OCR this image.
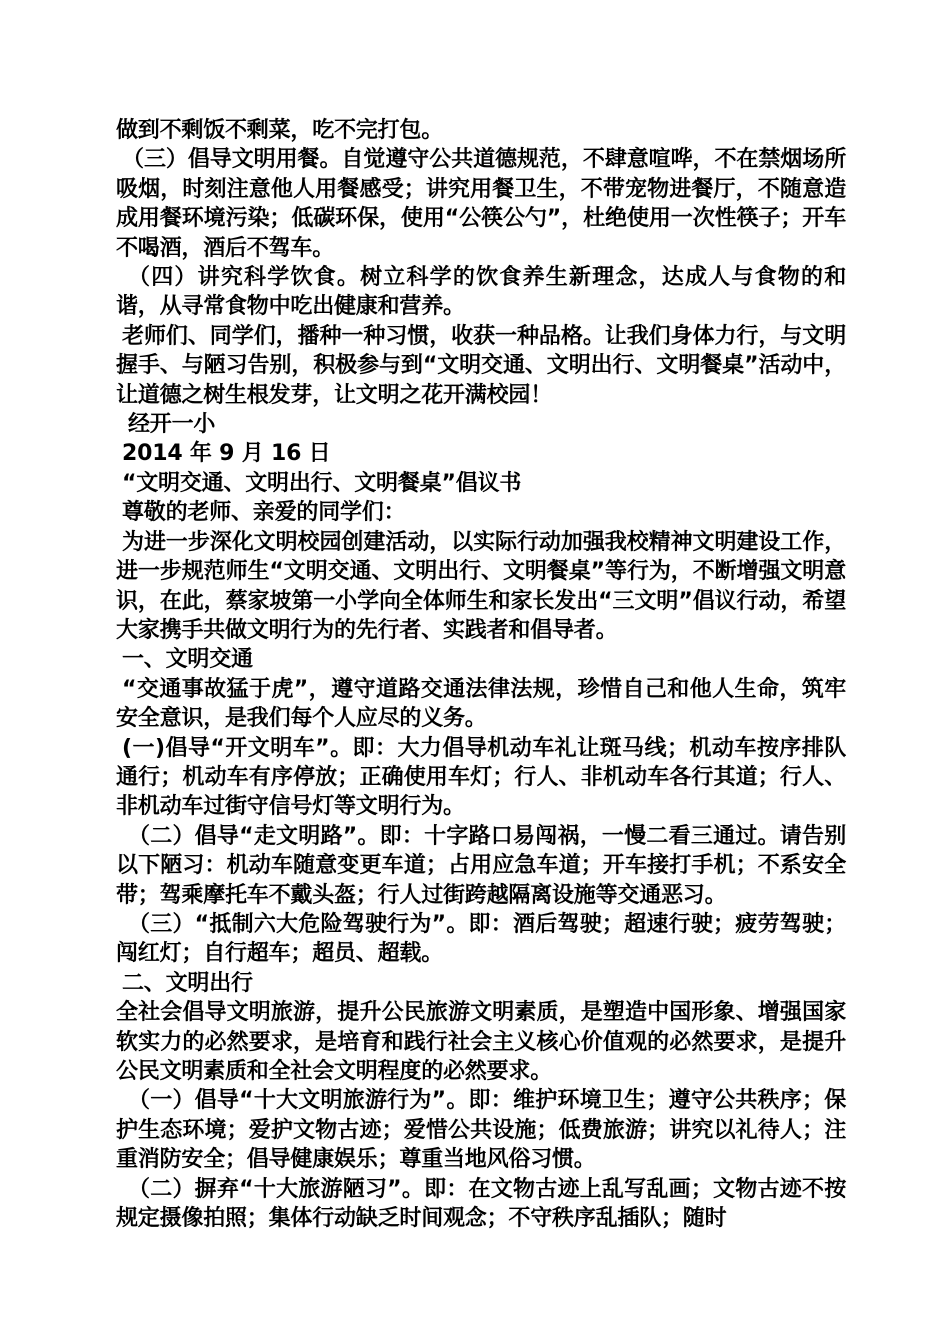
做到不剩饭不剩菜，吃不完打包。

（三）倡导文明用餐。自觉遵守公共道德规范，不肆意喧哗，不在禁烟场所吸烟，时刻注意他人用餐感受；讲究用餐卫生，不带宠物进餐厅，不随意造成用餐环境污染；低碳环保，使用“公筷公勺”，杜绝使用一次性筷子；开车不喝酒，酒后不驾车。

（四）讲究科学饮食。树立科学的饮食养生新理念，达成人与食物的和谐，从寻常食物中吃出健康和营养。

老师们、同学们，播种一种习惯，收获一种品格。让我们身体力行，与文明握手、与陋习告别，积极参与到“文明交通、文明出行、文明餐桌”活动中，让道德之树生根发芽，让文明之花开满校园！

经开一小

2014 年 9 月 16 日

“文明交通、文明出行、文明餐桌”倡议书

尊敬的老师、亲爱的同学们：

为进一步深化文明校园创建活动，以实际行动加强我校精神文明建设工作，进一步规范师生“文明交通、文明出行、文明餐桌”等行为，不断增强文明意识，在此，蔡家坡第一小学向全体师生和家长发出“三文明”倡议行动，希望大家携手共做文明行为的先行者、实践者和倡导者。

一、文明交通

“交通事故猛于虎”，遵守道路交通法律法规，珍惜自己和他人生命，筑牢安全意识，是我们每个人应尽的义务。

(一)倡导“开文明车”。即：大力倡导机动车礼让斑马线；机动车按序排队通行；机动车有序停放；正确使用车灯；行人、非机动车各行其道；行人、非机动车过街守信号灯等文明行为。

（二）倡导“走文明路”。即：十字路口易闯祸，一慢二看三通过。请告别以下陋习：机动车随意变更车道；占用应急车道；开车接打手机；不系安全带；驾乘摩托车不戴头盔；行人过街跨越隔离设施等交通恶习。

（三）“抵制六大危险驾驶行为”。即：酒后驾驶；超速行驶；疲劳驾驶；闯红灯；自行超车；超员、超载。

二、文明出行

全社会倡导文明旅游，提升公民旅游文明素质，是塑造中国形象、增强国家软实力的必然要求，是培育和践行社会主义核心价值观的必然要求，是提升公民文明素质和全社会文明程度的必然要求。

（一）倡导“十大文明旅游行为”。即：维护环境卫生；遵守公共秩序；保护生态环境；爱护文物古迹；爱惜公共设施；低费旅游；讲究以礼待人；注重消防安全；倡导健康娱乐；尊重当地风俗习惯。

（二）摒弃“十大旅游陋习”。即：在文物古迹上乱写乱画；文物古迹不按规定摄像拍照；集体行动缺乏时间观念；不守秩序乱插队；随时
